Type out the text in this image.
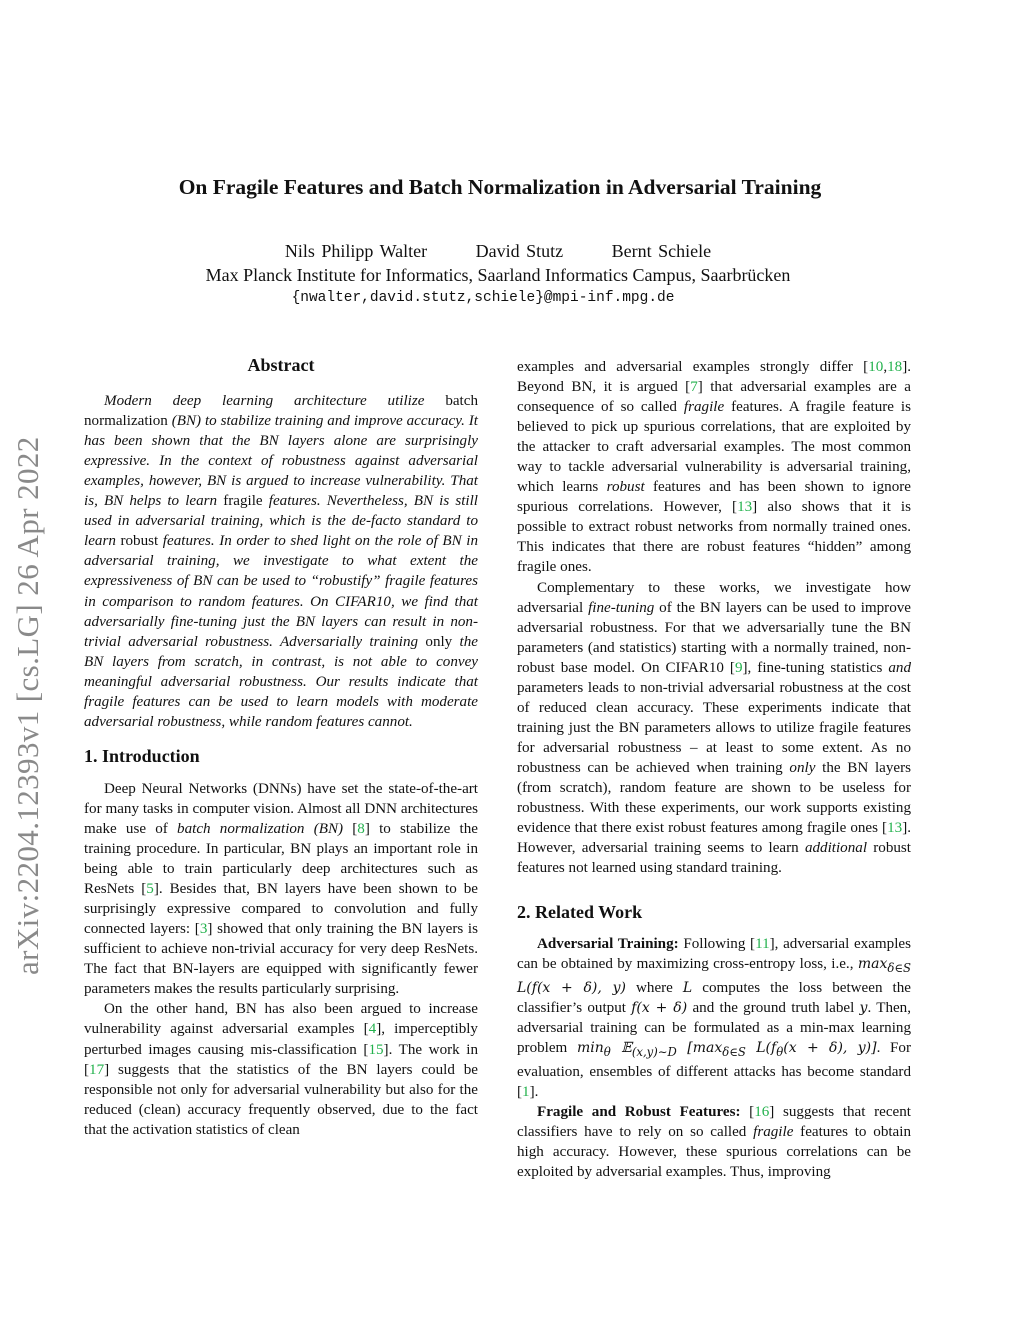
arXiv:2204.12393v1 [cs.LG] 26 Apr 2022
On Fragile Features and Batch Normalization in Adversarial Training
Nils Philipp Walter	David Stutz	Bernt Schiele
Max Planck Institute for Informatics, Saarland Informatics Campus, Saarbrücken
{nwalter,david.stutz,schiele}@mpi-inf.mpg.de
Abstract

Modern deep learning architecture utilize batch normalization (BN) to stabilize training and improve accuracy. It has been shown that the BN layers alone are surprisingly expressive. In the context of robustness against adversarial examples, however, BN is argued to increase vulnerability. That is, BN helps to learn fragile features. Nevertheless, BN is still used in adversarial training, which is the de-facto standard to learn robust features. In order to shed light on the role of BN in adversarial training, we investigate to what extent the expressiveness of BN can be used to “robustify” fragile features in comparison to random features. On CIFAR10, we find that adversarially fine-tuning just the BN layers can result in non-trivial adversarial robustness. Adversarially training only the BN layers from scratch, in contrast, is not able to convey meaningful adversarial robustness. Our results indicate that fragile features can be used to learn models with moderate adversarial robustness, while random features cannot.

1. Introduction

Deep Neural Networks (DNNs) have set the state-of-the-art for many tasks in computer vision. Almost all DNN architectures make use of batch normalization (BN) [8] to stabilize the training procedure. In particular, BN plays an important role in being able to train particularly deep architectures such as ResNets [5]. Besides that, BN layers have been shown to be surprisingly expressive compared to convolution and fully connected layers: [3] showed that only training the BN layers is sufficient to achieve non-trivial accuracy for very deep ResNets. The fact that BN-layers are equipped with significantly fewer parameters makes the results particularly surprising.

On the other hand, BN has also been argued to increase vulnerability against adversarial examples [4], imperceptibly perturbed images causing mis-classification [15]. The work in [17] suggests that the statistics of the BN layers could be responsible not only for adversarial vulnerability but also for the reduced (clean) accuracy frequently observed, due to the fact that the activation statistics of clean

examples and adversarial examples strongly differ [10,18]. Beyond BN, it is argued [7] that adversarial examples are a consequence of so called fragile features. A fragile feature is believed to pick up spurious correlations, that are exploited by the attacker to craft adversarial examples. The most common way to tackle adversarial vulnerability is adversarial training, which learns robust features and has been shown to ignore spurious correlations. However, [13] also shows that it is possible to extract robust networks from normally trained ones. This indicates that there are robust features “hidden” among fragile ones.

Complementary to these works, we investigate how adversarial fine-tuning of the BN layers can be used to improve adversarial robustness. For that we adversarially tune the BN parameters (and statistics) starting with a normally trained, non-robust base model. On CIFAR10 [9], fine-tuning statistics and parameters leads to non-trivial adversarial robustness at the cost of reduced clean accuracy. These experiments indicate that training just the BN parameters allows to utilize fragile features for adversarial robustness – at least to some extent. As no robustness can be achieved when training only the BN layers (from scratch), random feature are shown to be useless for robustness. With these experiments, our work supports existing evidence that there exist robust features among fragile ones [13]. However, adversarial training seems to learn additional robust features not learned using standard training.

2. Related Work

Adversarial Training: Following [11], adversarial examples can be obtained by maximizing cross-entropy loss, i.e., $\max_{\delta\in S} L(f(x + \delta)$, y) where L computes the loss between the classifier’s output f(x + δ) and the ground truth label y. Then, adversarial training can be formulated as a min-max learning problem $\min_\theta$ 𝔼$_{(x,y)\sim D}$ [$\max_{\delta\in S}$ $L(f_\theta(x + \delta)$, y)]. For evaluation, ensembles of different attacks has become standard [1].

Fragile and Robust Features: [16] suggests that recent classifiers have to rely on so called fragile features to obtain high accuracy. However, these spurious correlations can be exploited by adversarial examples. Thus, improving
